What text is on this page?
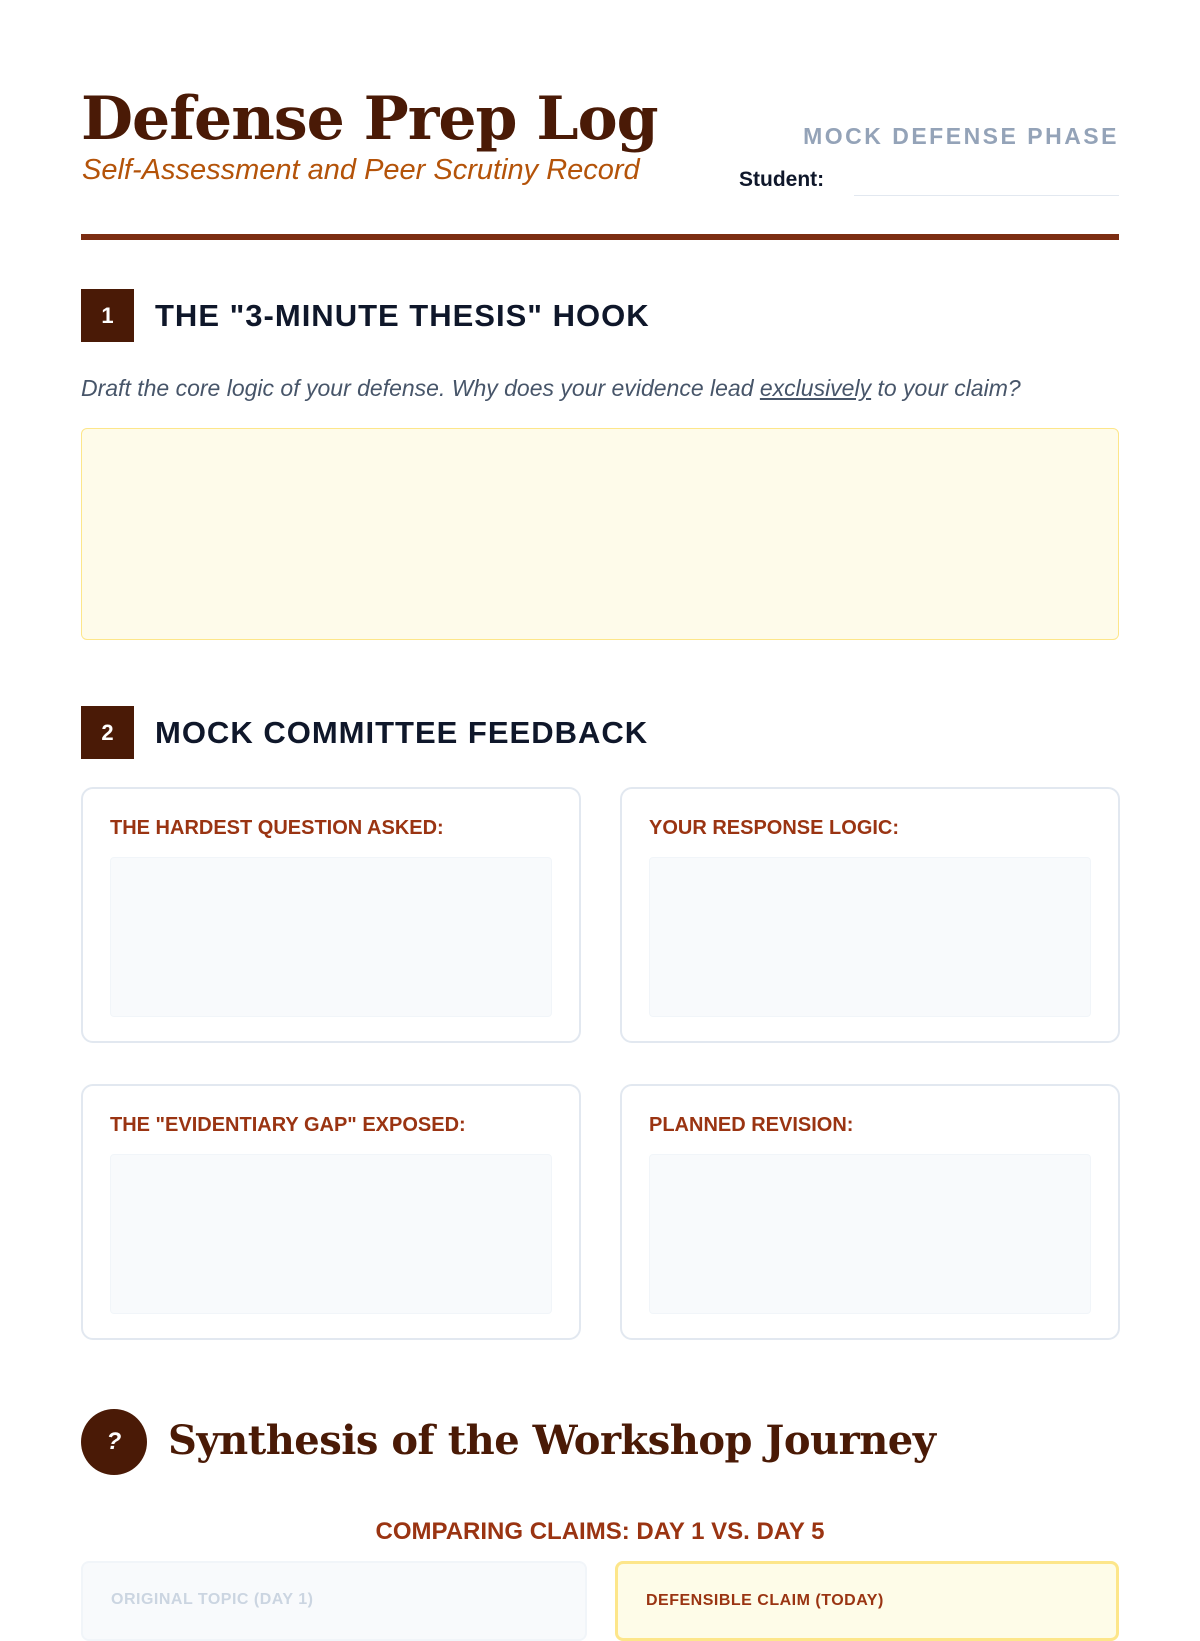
Defense Prep Log
Self-Assessment and Peer Scrutiny Record
MOCK DEFENSE PHASE
Student:
1	THE "3-MINUTE THESIS" HOOK
Draft the core logic of your defense. Why does your evidence lead exclusively to your claim?
2	MOCK COMMITTEE FEEDBACK
THE HARDEST QUESTION ASKED:	YOUR RESPONSE LOGIC:
THE "EVIDENTIARY GAP" EXPOSED:	PLANNED REVISION:
?	Synthesis of the Workshop Journey
COMPARING CLAIMS: DAY 1 VS. DAY 5
ORIGINAL TOPIC (DAY 1)	DEFENSIBLE CLAIM (TODAY)
